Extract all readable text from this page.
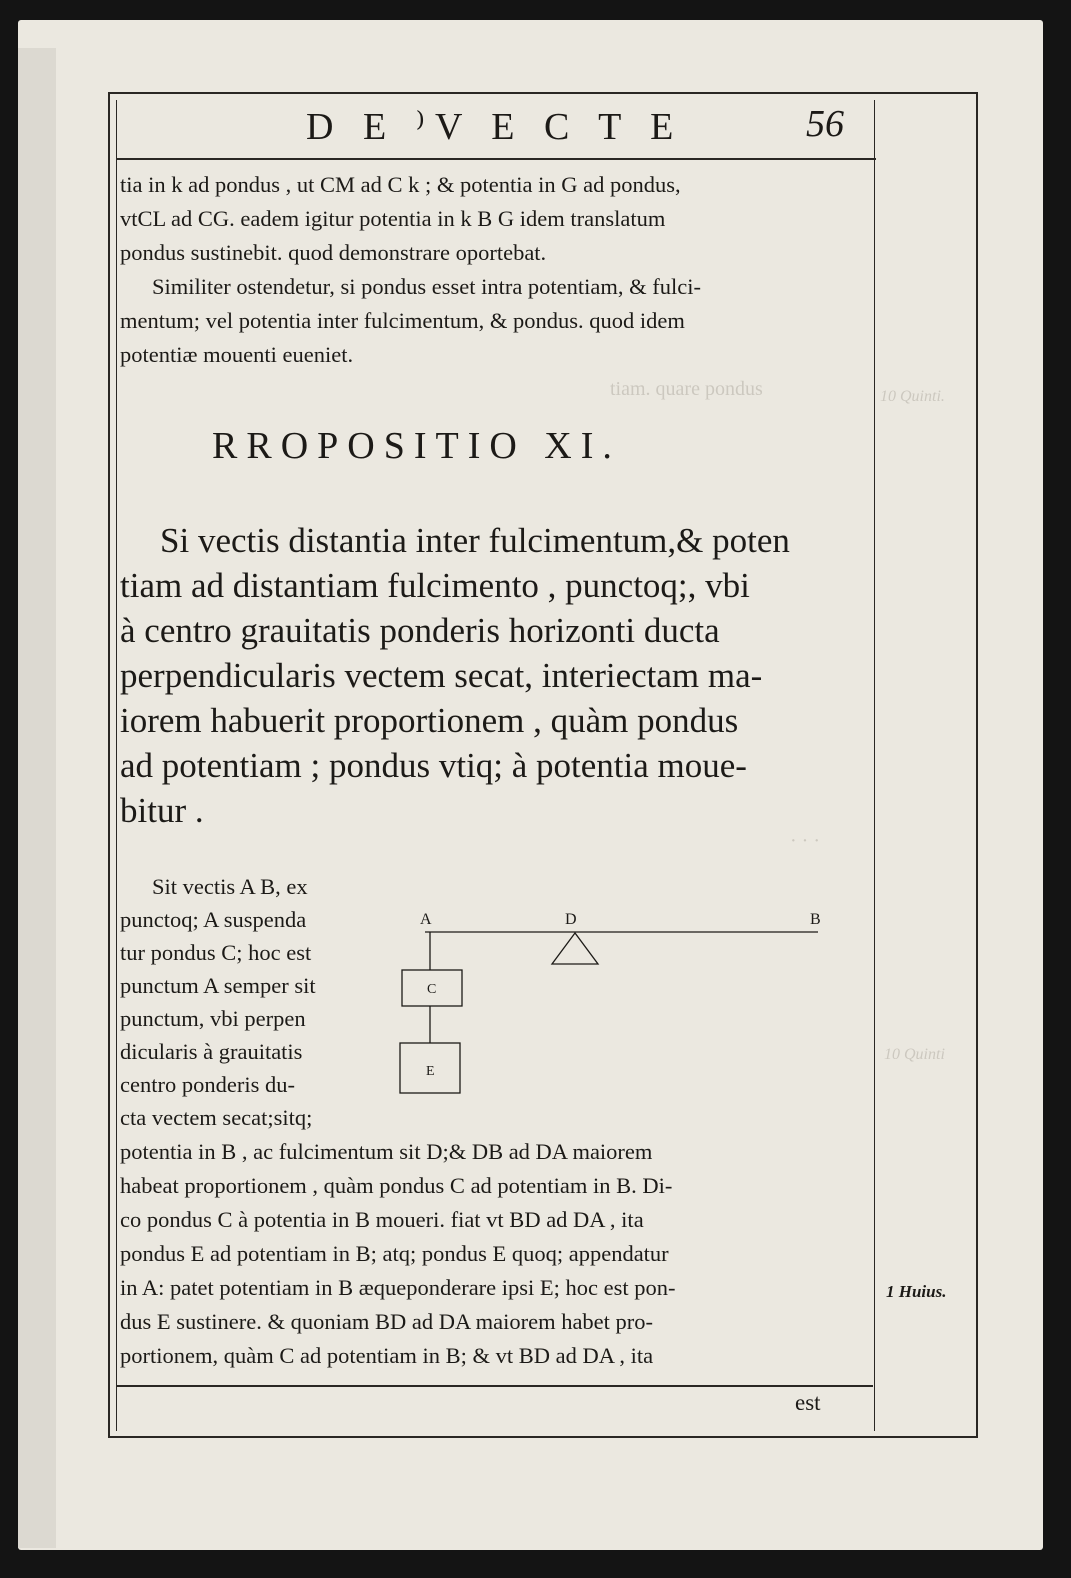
tiam. quare pondus	10 Quinti.
· · ·
10 Quinti
D E ⁾V E C T E	56
tia in k ad pondus , ut CM ad C k ; & potentia in G ad pondus,
vtCL ad CG. eadem igitur potentia in k B G idem translatum
pondus sustinebit. quod demonstrare oportebat.
Similiter ostendetur, si pondus esset intra potentiam, & fulci-
mentum; vel potentia inter fulcimentum, & pondus. quod idem
potentiæ mouenti eueniet.
RROPOSITIO XI.
Si vectis distantia inter fulcimentum,& poten
tiam ad distantiam fulcimento , punctoq;, vbi
à centro grauitatis ponderis horizonti ducta
perpendicularis vectem secat, interiectam ma-
iorem habuerit proportionem , quàm pondus
ad potentiam ; pondus vtiq; à potentia moue-
bitur .
Sit vectis A B, ex
punctoq; A suspenda
tur pondus C; hoc est
punctum A semper sit
punctum, vbi perpen
dicularis à grauitatis
centro ponderis du-
cta vectem secat;sitq;
A	D	B
C
E
potentia in B , ac fulcimentum sit D;& DB ad DA maiorem
habeat proportionem , quàm pondus C ad potentiam in B. Di-
co pondus C à potentia in B moueri. fiat vt BD ad DA , ita
pondus E ad potentiam in B; atq; pondus E quoq; appendatur
in A: patet potentiam in B æqueponderare ipsi E; hoc est pon-
dus E sustinere. & quoniam BD ad DA maiorem habet pro-
portionem, quàm C ad potentiam in B; & vt BD ad DA , ita
est
1 Huius.
